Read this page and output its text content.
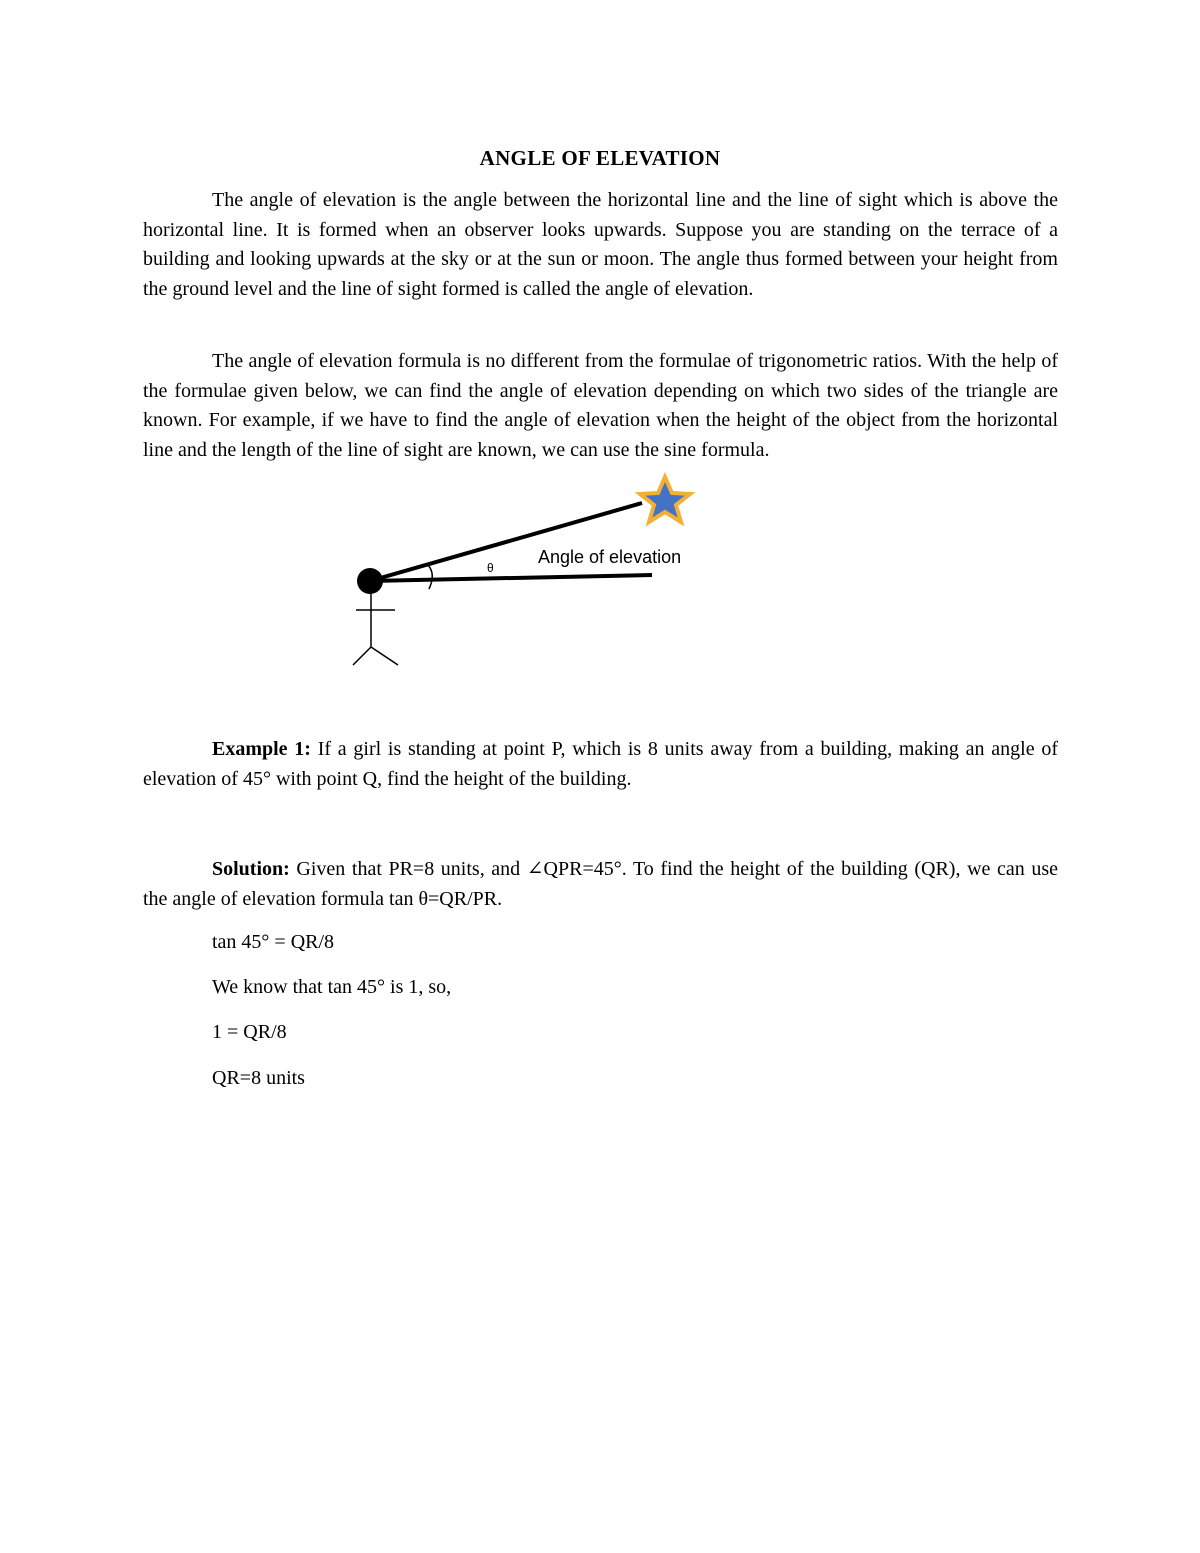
ANGLE OF ELEVATION

The angle of elevation is the angle between the horizontal line and the line of sight which is above the horizontal line. It is formed when an observer looks upwards. Suppose you are standing on the terrace of a building and looking upwards at the sky or at the sun or moon. The angle thus formed between your height from the ground level and the line of sight formed is called the angle of elevation.

The angle of elevation formula is no different from the formulae of trigonometric ratios. With the help of the formulae given below, we can find the angle of elevation depending on which two sides of the triangle are known. For example, if we have to find the angle of elevation when the height of the object from the horizontal line and the length of the line of sight are known, we can use the sine formula.

θ
Angle of elevation

Example 1: If a girl is standing at point P, which is 8 units away from a building, making an angle of elevation of 45° with point Q, find the height of the building.

Solution: Given that PR=8 units, and ∠QPR=45°. To find the height of the building (QR), we can use the angle of elevation formula tan θ=QR/PR.

tan 45° = QR/8
We know that tan 45° is 1, so,
1 = QR/8
QR=8 units
